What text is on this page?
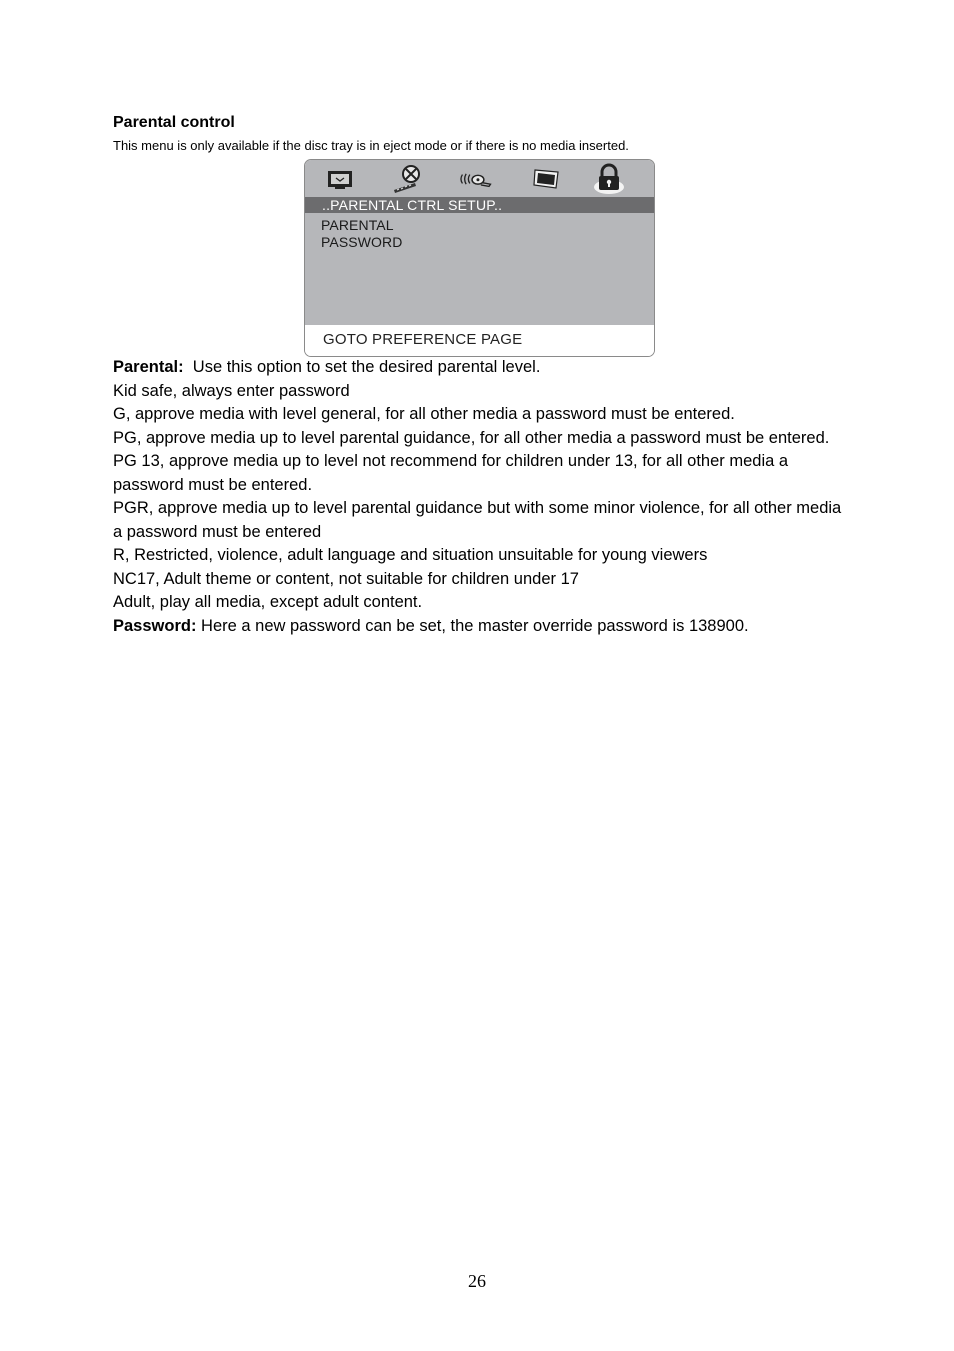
Parental control
This menu is only available if the disc tray is in eject mode or if there is no media inserted.
..PARENTAL CTRL SETUP..
PARENTAL
PASSWORD
GOTO PREFERENCE PAGE

Parental: Use this option to set the desired parental level.

Kid safe, always enter password

G, approve media with level general, for all other media a password must be entered.

PG, approve media up to level parental guidance, for all other media a password must be entered.

PG 13, approve media up to level not recommend for children under 13, for all other media a password must be entered.

PGR, approve media up to level parental guidance but with some minor violence, for all other media a password must be entered

R, Restricted, violence, adult language and situation unsuitable for young viewers

NC17, Adult theme or content, not suitable for children under 17

Adult, play all media, except adult content.

Password: Here a new password can be set, the master override password is 138900.

26
